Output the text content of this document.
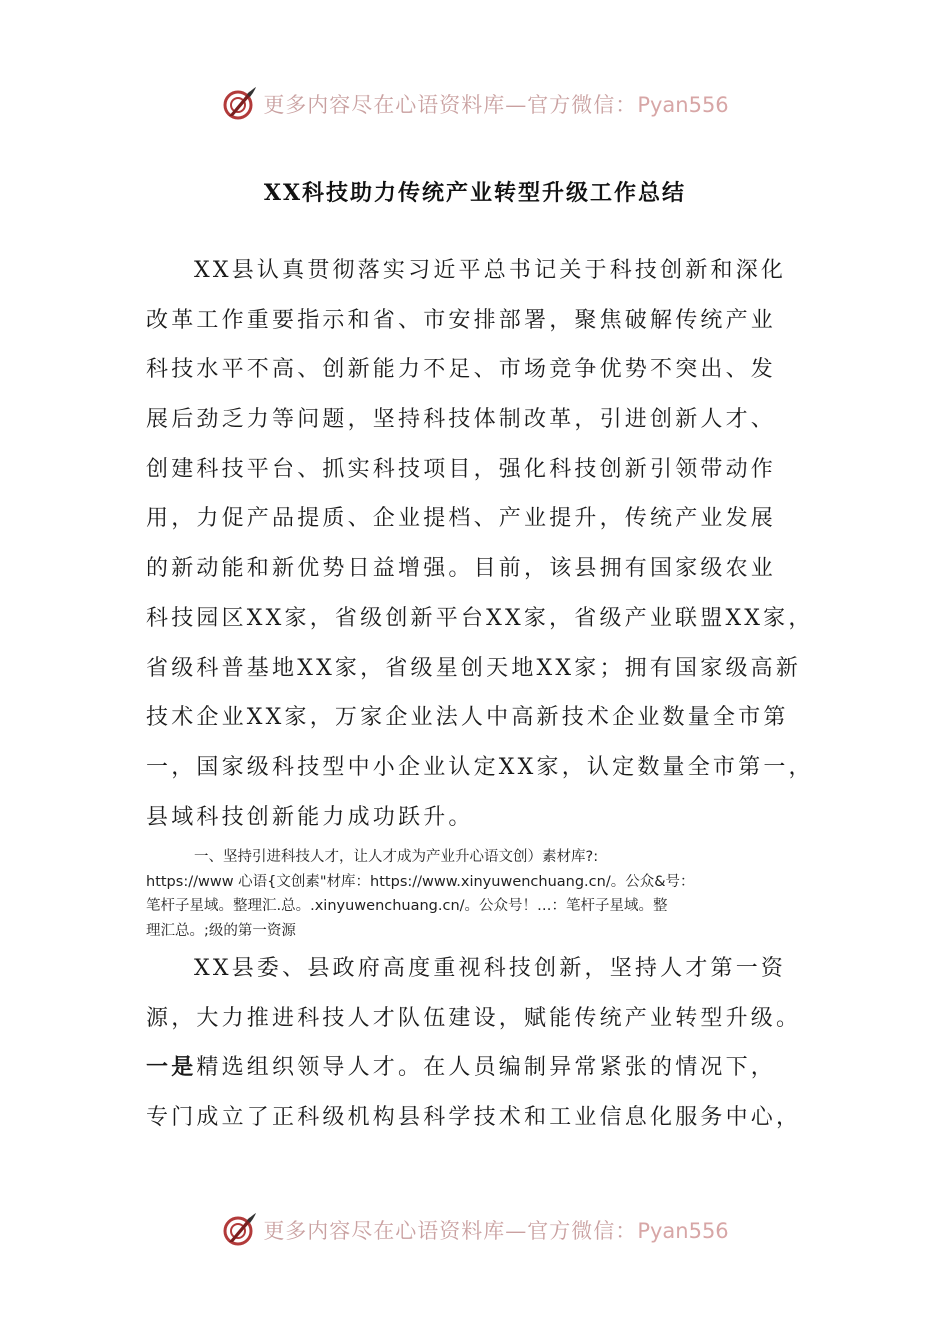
更多内容尽在心语资料库—官方微信：Pyan556
XX科技助力传统产业转型升级工作总结
XX县认真贯彻落实习近平总书记关于科技创新和深化
改革工作重要指示和省、市安排部署，聚焦破解传统产业
科技水平不高、创新能力不足、市场竞争优势不突出、发
展后劲乏力等问题，坚持科技体制改革，引进创新人才、
创建科技平台、抓实科技项目，强化科技创新引领带动作
用，力促产品提质、企业提档、产业提升，传统产业发展
的新动能和新优势日益增强。目前，该县拥有国家级农业
科技园区XX家，省级创新平台XX家，省级产业联盟XX家，
省级科普基地XX家，省级星创天地XX家；拥有国家级高新
技术企业XX家，万家企业法人中高新技术企业数量全市第
一，国家级科技型中小企业认定XX家，认定数量全市第一，
县域科技创新能力成功跃升。
一、坚持引进科技人才，让人才成为产业升心语文创）素材库?:
https://www 心语{文创素"材库：https://www.xinyuwenchuang.cn/。公众&号：
笔杆子星域。整理汇.总。.xinyuwenchuang.cn/。公众号！…：笔杆子星域。整
理汇总。;级的第一资源
XX县委、县政府高度重视科技创新，坚持人才第一资
源，大力推进科技人才队伍建设，赋能传统产业转型升级。
一是精选组织领导人才。在人员编制异常紧张的情况下，
专门成立了正科级机构县科学技术和工业信息化服务中心，
更多内容尽在心语资料库—官方微信：Pyan556
